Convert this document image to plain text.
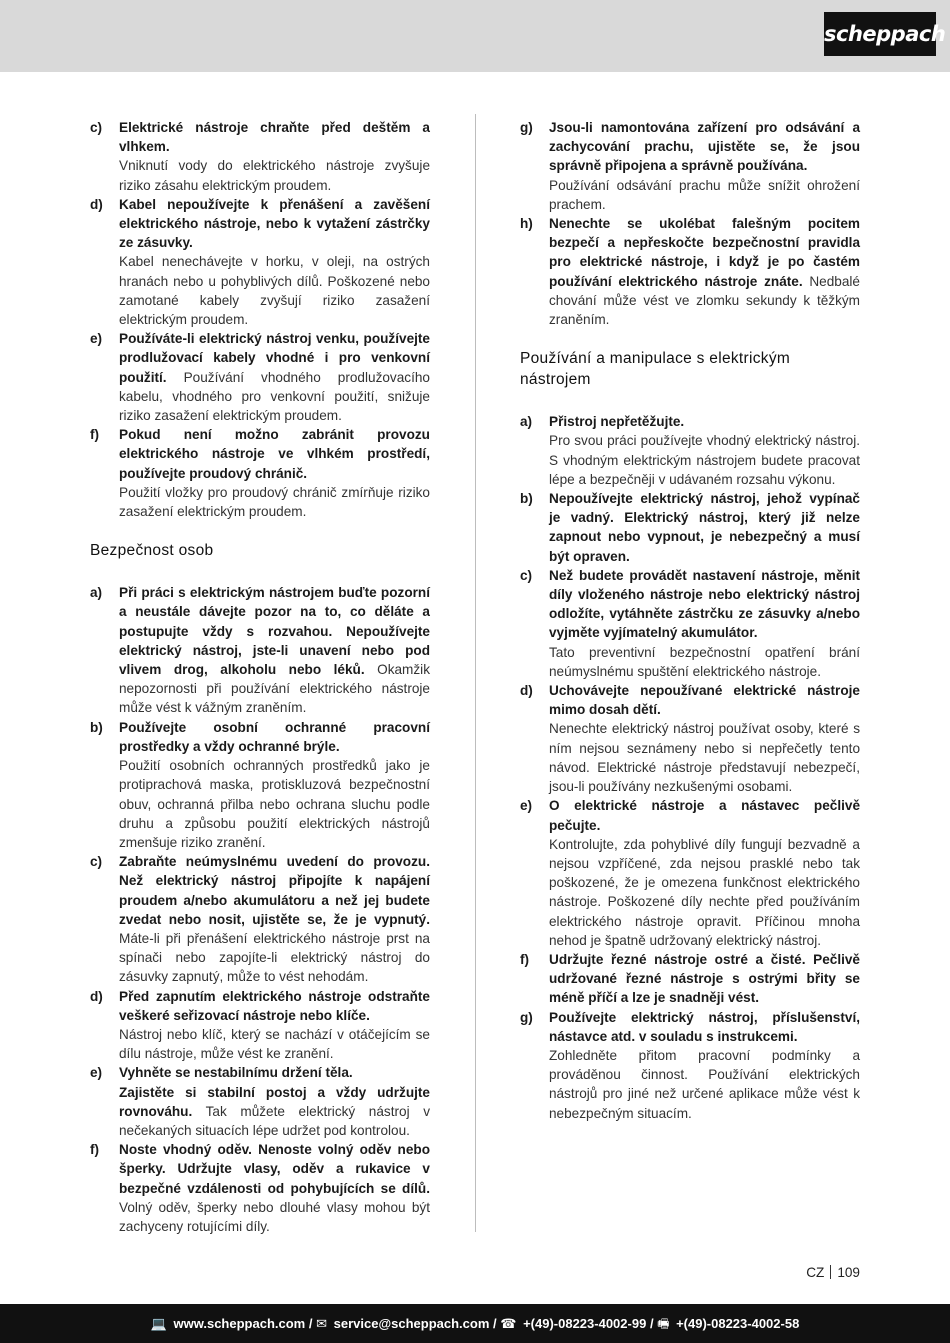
scheppach
c) Elektrické nástroje chraňte před deštěm a vlhkem.
Vniknutí vody do elektrického nástroje zvyšuje riziko zásahu elektrickým proudem.
d) Kabel nepoužívejte k přenášení a zavěšení elektrického nástroje, nebo k vytažení zástrčky ze zásuvky.
Kabel nenechávejte v horku, v oleji, na ostrých hranách nebo u pohyblivých dílů. Poškozené nebo zamotané kabely zvyšují riziko zasažení elektrickým proudem.
e) Používáte-li elektrický nástroj venku, používejte prodlužovací kabely vhodné i pro venkovní použití. Používání vhodného prodlužovacího kabelu, vhodného pro venkovní použití, snižuje riziko zasažení elektrickým proudem.
f) Pokud není možno zabránit provozu elektrického nástroje ve vlhkém prostředí, používejte proudový chránič.
Použití vložky pro proudový chránič zmírňuje riziko zasažení elektrickým proudem.
Bezpečnost osob
a) Při práci s elektrickým nástrojem buďte pozorní a neustále dávejte pozor na to, co děláte a postupujte vždy s rozvahou. Nepoužívejte elektrický nástroj, jste-li unavení nebo pod vlivem drog, alkoholu nebo léků. Okamžik nepozornosti při používání elektrického nástroje může vést k vážným zraněním.
b) Používejte osobní ochranné pracovní prostředky a vždy ochranné brýle.
Použití osobních ochranných prostředků jako je protiprachová maska, protiskluzová bezpečnostní obuv, ochranná přilba nebo ochrana sluchu podle druhu a způsobu použití elektrických nástrojů zmenšuje riziko zranění.
c) Zabraňte neúmyslnému uvedení do provozu. Než elektrický nástroj připojíte k napájení proudem a/nebo akumulátoru a než jej budete zvedat nebo nosit, ujistěte se, že je vypnutý. Máte-li při přenášení elektrického nástroje prst na spínači nebo zapojíte-li elektrický nástroj do zásuvky zapnutý, může to vést nehodám.
d) Před zapnutím elektrického nástroje odstraňte veškeré seřizovací nástroje nebo klíče.
Nástroj nebo klíč, který se nachází v otáčejícím se dílu nástroje, může vést ke zranění.
e) Vyhněte se nestabilnímu držení těla.
Zajistěte si stabilní postoj a vždy udržujte rovnováhu. Tak můžete elektrický nástroj v nečekaných situacích lépe udržet pod kontrolou.
f) Noste vhodný oděv. Nenoste volný oděv nebo šperky. Udržujte vlasy, oděv a rukavice v bezpečné vzdálenosti od pohybujících se dílů. Volný oděv, šperky nebo dlouhé vlasy mohou být zachyceny rotujícími díly.
g) Jsou-li namontována zařízení pro odsávání a zachycování prachu, ujistěte se, že jsou správně připojena a správně používána.
Používání odsávání prachu může snížit ohrožení prachem.
h) Nenechte se ukolébat falešným pocitem bezpečí a nepřeskočte bezpečnostní pravidla pro elektrické nástroje, i když je po častém používání elektrického nástroje znáte. Nedbalé chování může vést ve zlomku sekundy k těžkým zraněním.
Používání a manipulace s elektrickým nástrojem
a) Přistroj nepřetěžujte.
Pro svou práci používejte vhodný elektrický nástroj. S vhodným elektrickým nástrojem budete pracovat lépe a bezpečněji v udávaném rozsahu výkonu.
b) Nepoužívejte elektrický nástroj, jehož vypínač je vadný. Elektrický nástroj, který již nelze zapnout nebo vypnout, je nebezpečný a musí být opraven.
c) Než budete provádět nastavení nástroje, měnit díly vloženého nástroje nebo elektrický nástroj odložíte, vytáhněte zástrčku ze zásuvky a/nebo vyjměte vyjímatelný akumulátor.
Tato preventivní bezpečnostní opatření brání neúmyslnému spuštění elektrického nástroje.
d) Uchovávejte nepoužívané elektrické nástroje mimo dosah dětí.
Nenechte elektrický nástroj používat osoby, které s ním nejsou seznámeny nebo si nepřečetly tento návod. Elektrické nástroje představují nebezpečí, jsou-li používány nezkušenými osobami.
e) O elektrické nástroje a nástavec pečlivě pečujte.
Kontrolujte, zda pohyblivé díly fungují bezvadně a nejsou vzpříčené, zda nejsou prasklé nebo tak poškozené, že je omezena funkčnost elektrického nástroje. Poškozené díly nechte před používáním elektrického nástroje opravit. Příčinou mnoha nehod je špatně udržovaný elektrický nástroj.
f) Udržujte řezné nástroje ostré a čisté. Pečlivě udržované řezné nástroje s ostrými břity se méně příčí a lze je snadněji vést.
g) Používejte elektrický nástroj, příslušenství, nástavce atd. v souladu s instrukcemi.
Zohledněte přitom pracovní podmínky a prováděnou činnost. Používání elektrických nástrojů pro jiné než určené aplikace může vést k nebezpečným situacím.
CZ 109
💻 www.scheppach.com / ✉ service@scheppach.com / ☎ +(49)-08223-4002-99 / 🖷 +(49)-08223-4002-58
